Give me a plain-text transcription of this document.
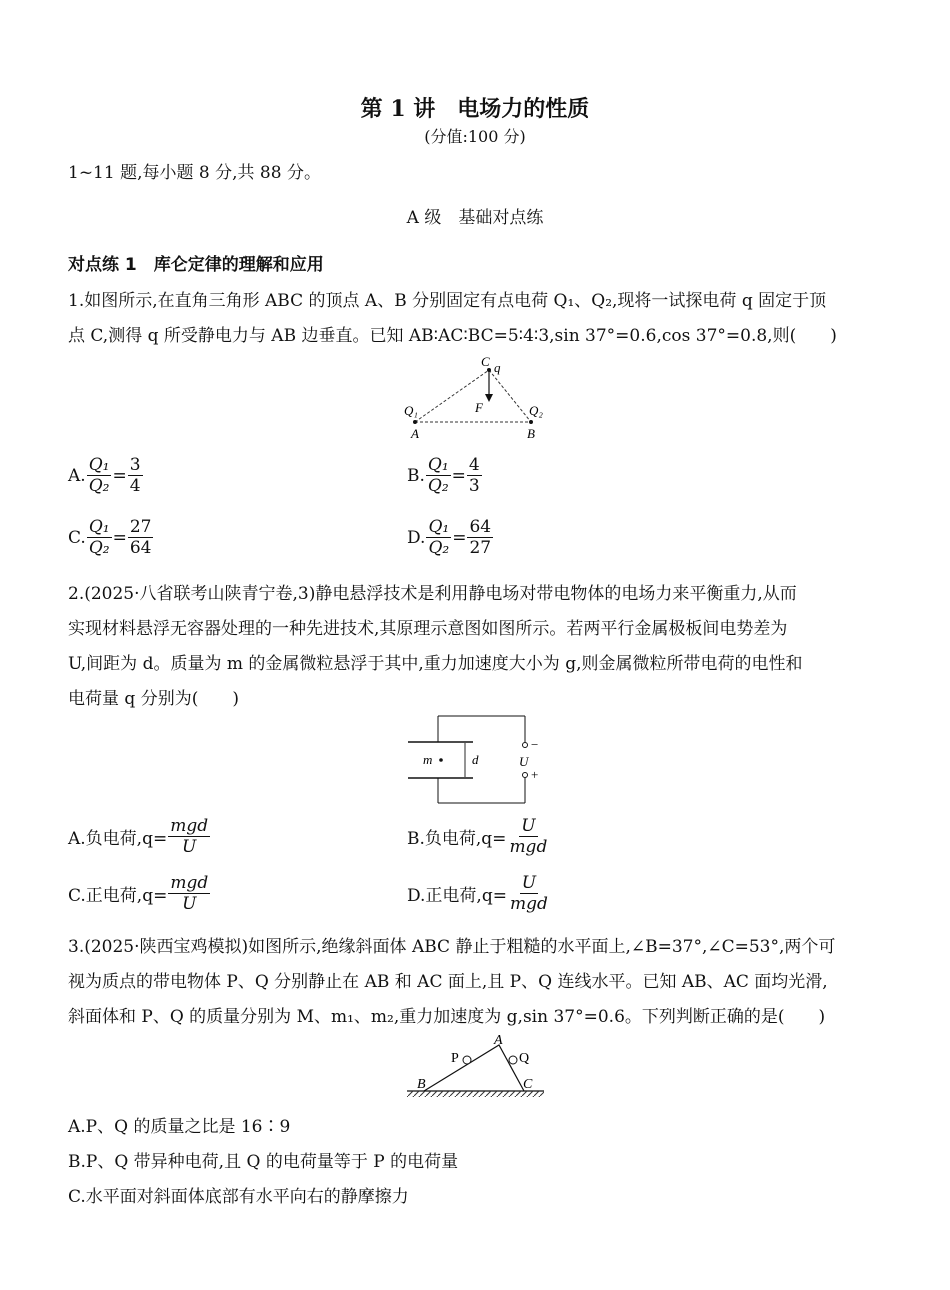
第 1 讲　电场力的性质
(分值:100 分)
1~11 题,每小题 8 分,共 88 分。
A 级　基础对点练
对点练 1　库仑定律的理解和应用
1.如图所示,在直角三角形 ABC 的顶点 A、B 分别固定有点电荷 Q₁、Q₂,现将一试探电荷 q 固定于顶
点 C,测得 q 所受静电力与 AB 边垂直。已知 AB∶AC∶BC=5∶4∶3,sin 37°=0.6,cos 37°=0.8,则(　　)
C q
F
Q₁
A
Q₂
B
A. $\frac{\text{Q₁}}{\text{Q₂}} = \frac{3}{4}$	B. $\frac{\text{Q₁}}{\text{Q₂}} = \frac{4}{3}$
C. $\frac{\text{Q₁}}{\text{Q₂}} = \frac{27}{64}$	D. $\frac{\text{Q₁}}{\text{Q₂}} = \frac{64}{27}$
2.(2025·八省联考山陕青宁卷,3)静电悬浮技术是利用静电场对带电物体的电场力来平衡重力,从而
实现材料悬浮无容器处理的一种先进技术,其原理示意图如图所示。若两平行金属极板间电势差为
U,间距为 d。质量为 m 的金属微粒悬浮于其中,重力加速度大小为 g,则金属微粒所带电荷的电性和
电荷量 q 分别为(　　)
m	d	U
−
+
A.负电荷$,q= \frac{\text{mgd}}{U}$	B.负电荷$,q= \frac{U}{\text{mgd}}$
C.正电荷$,q= \frac{\text{mgd}}{U}$	D.正电荷$,q= \frac{U}{\text{mgd}}$
3.(2025·陕西宝鸡模拟)如图所示,绝缘斜面体 ABC 静止于粗糙的水平面上,∠B=37°,∠C=53°,两个可
视为质点的带电物体 P、Q 分别静止在 AB 和 AC 面上,且 P、Q 连线水平。已知 AB、AC 面均光滑,
斜面体和 P、Q 的质量分别为 M、m₁、m₂,重力加速度为 g,sin 37°=0.6。下列判断正确的是(　　)
P
A
Q
B	C
A.P、Q 的质量之比是 16∶9
B.P、Q 带异种电荷,且 Q 的电荷量等于 P 的电荷量
C.水平面对斜面体底部有水平向右的静摩擦力
